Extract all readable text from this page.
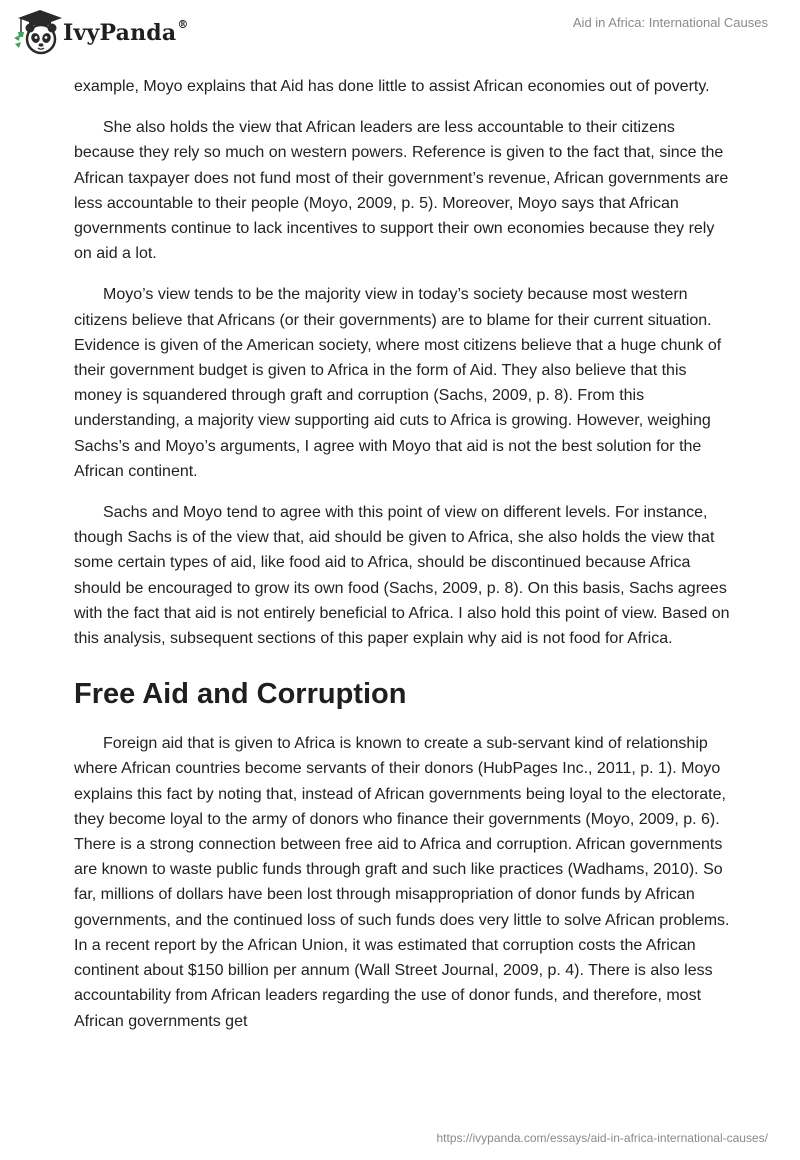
IvyPanda®	Aid in Africa: International Causes

example, Moyo explains that Aid has done little to assist African economies out of poverty.

She also holds the view that African leaders are less accountable to their citizens because they rely so much on western powers. Reference is given to the fact that, since the African taxpayer does not fund most of their government’s revenue, African governments are less accountable to their people (Moyo, 2009, p. 5). Moreover, Moyo says that African governments continue to lack incentives to support their own economies because they rely on aid a lot.

Moyo’s view tends to be the majority view in today’s society because most western citizens believe that Africans (or their governments) are to blame for their current situation. Evidence is given of the American society, where most citizens believe that a huge chunk of their government budget is given to Africa in the form of Aid. They also believe that this money is squandered through graft and corruption (Sachs, 2009, p. 8). From this understanding, a majority view supporting aid cuts to Africa is growing. However, weighing Sachs’s and Moyo’s arguments, I agree with Moyo that aid is not the best solution for the African continent.

Sachs and Moyo tend to agree with this point of view on different levels. For instance, though Sachs is of the view that, aid should be given to Africa, she also holds the view that some certain types of aid, like food aid to Africa, should be discontinued because Africa should be encouraged to grow its own food (Sachs, 2009, p. 8). On this basis, Sachs agrees with the fact that aid is not entirely beneficial to Africa. I also hold this point of view. Based on this analysis, subsequent sections of this paper explain why aid is not food for Africa.

Free Aid and Corruption

Foreign aid that is given to Africa is known to create a sub-servant kind of relationship where African countries become servants of their donors (HubPages Inc., 2011, p. 1). Moyo explains this fact by noting that, instead of African governments being loyal to the electorate, they become loyal to the army of donors who finance their governments (Moyo, 2009, p. 6). There is a strong connection between free aid to Africa and corruption. African governments are known to waste public funds through graft and such like practices (Wadhams, 2010). So far, millions of dollars have been lost through misappropriation of donor funds by African governments, and the continued loss of such funds does very little to solve African problems. In a recent report by the African Union, it was estimated that corruption costs the African continent about $150 billion per annum (Wall Street Journal, 2009, p. 4). There is also less accountability from African leaders regarding the use of donor funds, and therefore, most African governments get

https://ivypanda.com/essays/aid-in-africa-international-causes/
